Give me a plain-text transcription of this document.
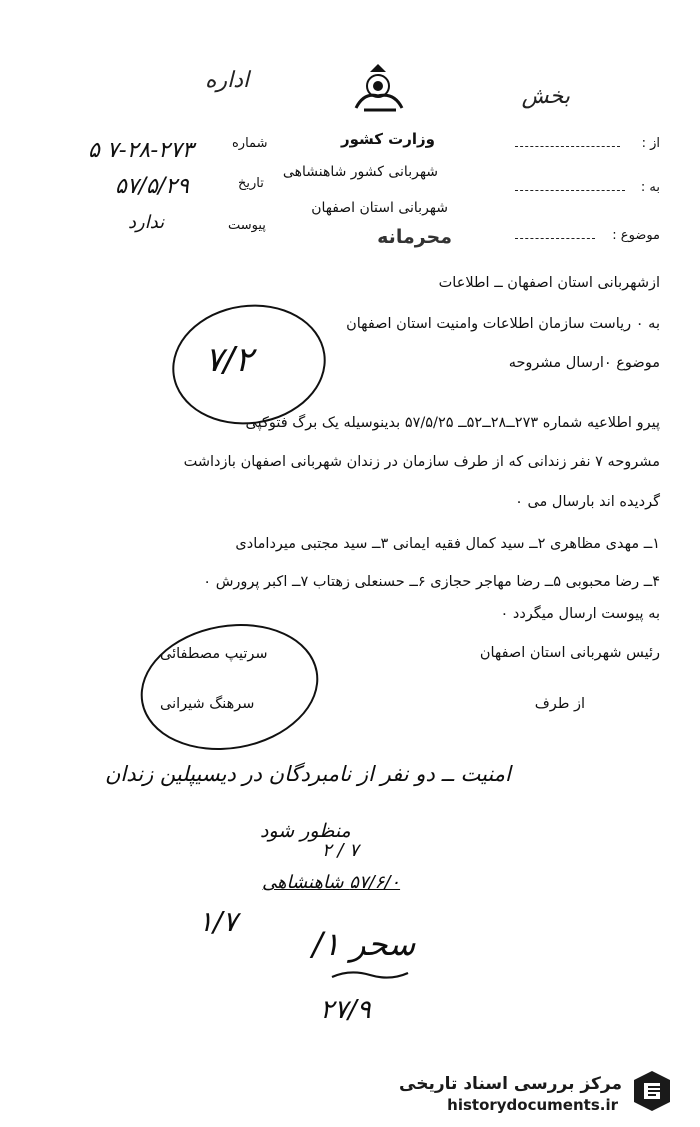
بخش
اداره
وزارت کشور
شهربانی کشور شاهنشاهی
شهربانی استان اصفهان
محرمانه
از :
به :
موضوع :
شماره
۵ ۷-۲۸-۲۷۳
تاریخ
۵۷/۵/۲۹
پیوست
ندارد
ازشهربانی استان اصفهان ــ اطلاعات
به ۰ ریاست سازمان اطلاعات وامنیت استان اصفهان
موضوع ۰ارسال مشروحه
پیرو اطلاعیه شماره ۲۷۳ــ۲۸ــ۵۲ــ ۵۷/۵/۲۵ بدینوسیله یک برگ فتوکپی
مشروحه ۷ نفر زندانی که از طرف سازمان در زندان شهربانی اصفهان بازداشت
گردیده اند بارسال می ۰
۱ــ مهدی مظاهری ۲ــ سید کمال فقیه ایمانی ۳ــ سید مجتبی میردامادی
۴ــ رضا محبوبی ۵ــ رضا مهاجر حجازی ۶ــ حسنعلی زهتاب ۷ــ اکبر پرورش ۰
به پیوست ارسال میگردد ۰
رئیس شهربانی استان اصفهان
سرتیپ مصطفائی
سرهنگ شیرانی	از طرف
۷/۲
امنیت ــ دو نفر از نامبردگان در دیسیپلین زندان
منظور شود
۲ / ۷
۵۷/۶/۰ شاهنشاهی
۱/۷
سحر ۱/
۲۷/۹
مرکز بررسی اسناد تاریخی
historydocuments.ir
